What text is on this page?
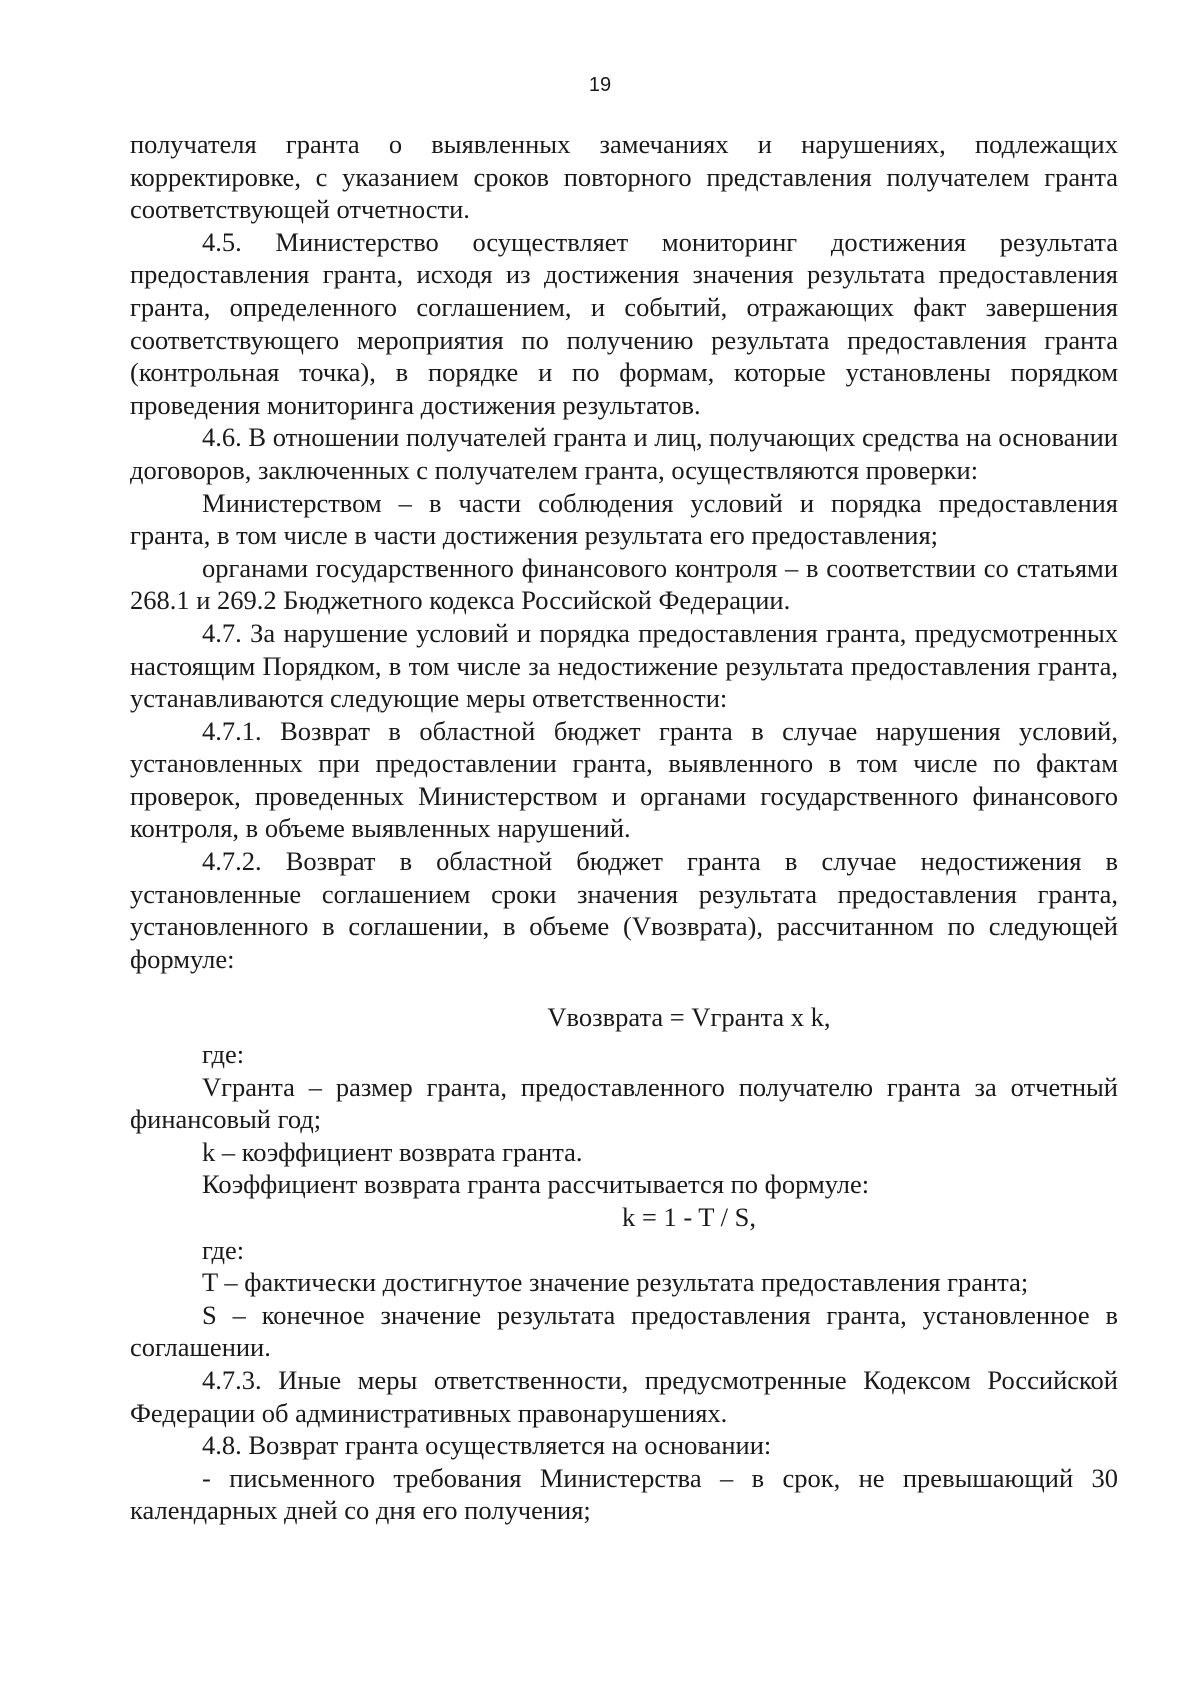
19

получателя гранта о выявленных замечаниях и нарушениях, подлежащих корректировке, с указанием сроков повторного представления получателем гранта соответствующей отчетности.

4.5. Министерство осуществляет мониторинг достижения результата предоставления гранта, исходя из достижения значения результата предоставления гранта, определенного соглашением, и событий, отражающих факт завершения соответствующего мероприятия по получению результата предоставления гранта (контрольная точка), в порядке и по формам, которые установлены порядком проведения мониторинга достижения результатов.

4.6. В отношении получателей гранта и лиц, получающих средства на основании договоров, заключенных с получателем гранта, осуществляются проверки:

Министерством – в части соблюдения условий и порядка предоставления гранта, в том числе в части достижения результата его предоставления;

органами государственного финансового контроля – в соответствии со статьями 268.1 и 269.2 Бюджетного кодекса Российской Федерации.

4.7. За нарушение условий и порядка предоставления гранта, предусмотренных настоящим Порядком, в том числе за недостижение результата предоставления гранта, устанавливаются следующие меры ответственности:

4.7.1. Возврат в областной бюджет гранта в случае нарушения условий, установленных при предоставлении гранта, выявленного в том числе по фактам проверок, проведенных Министерством и органами государственного финансового контроля, в объеме выявленных нарушений.

4.7.2. Возврат в областной бюджет гранта в случае недостижения в установленные соглашением сроки значения результата предоставления гранта, установленного в соглашении, в объеме (Vвозврата), рассчитанном по следующей формуле:

Vвозврата = Vгранта x k,

где:

Vгранта – размер гранта, предоставленного получателю гранта за отчетный финансовый год;

k – коэффициент возврата гранта.

Коэффициент возврата гранта рассчитывается по формуле:

k = 1 - T / S,

где:

T – фактически достигнутое значение результата предоставления гранта;

S – конечное значение результата предоставления гранта, установленное в соглашении.

4.7.3. Иные меры ответственности, предусмотренные Кодексом Российской Федерации об административных правонарушениях.

4.8. Возврат гранта осуществляется на основании:

- письменного требования Министерства – в срок, не превышающий 30 календарных дней со дня его получения;
